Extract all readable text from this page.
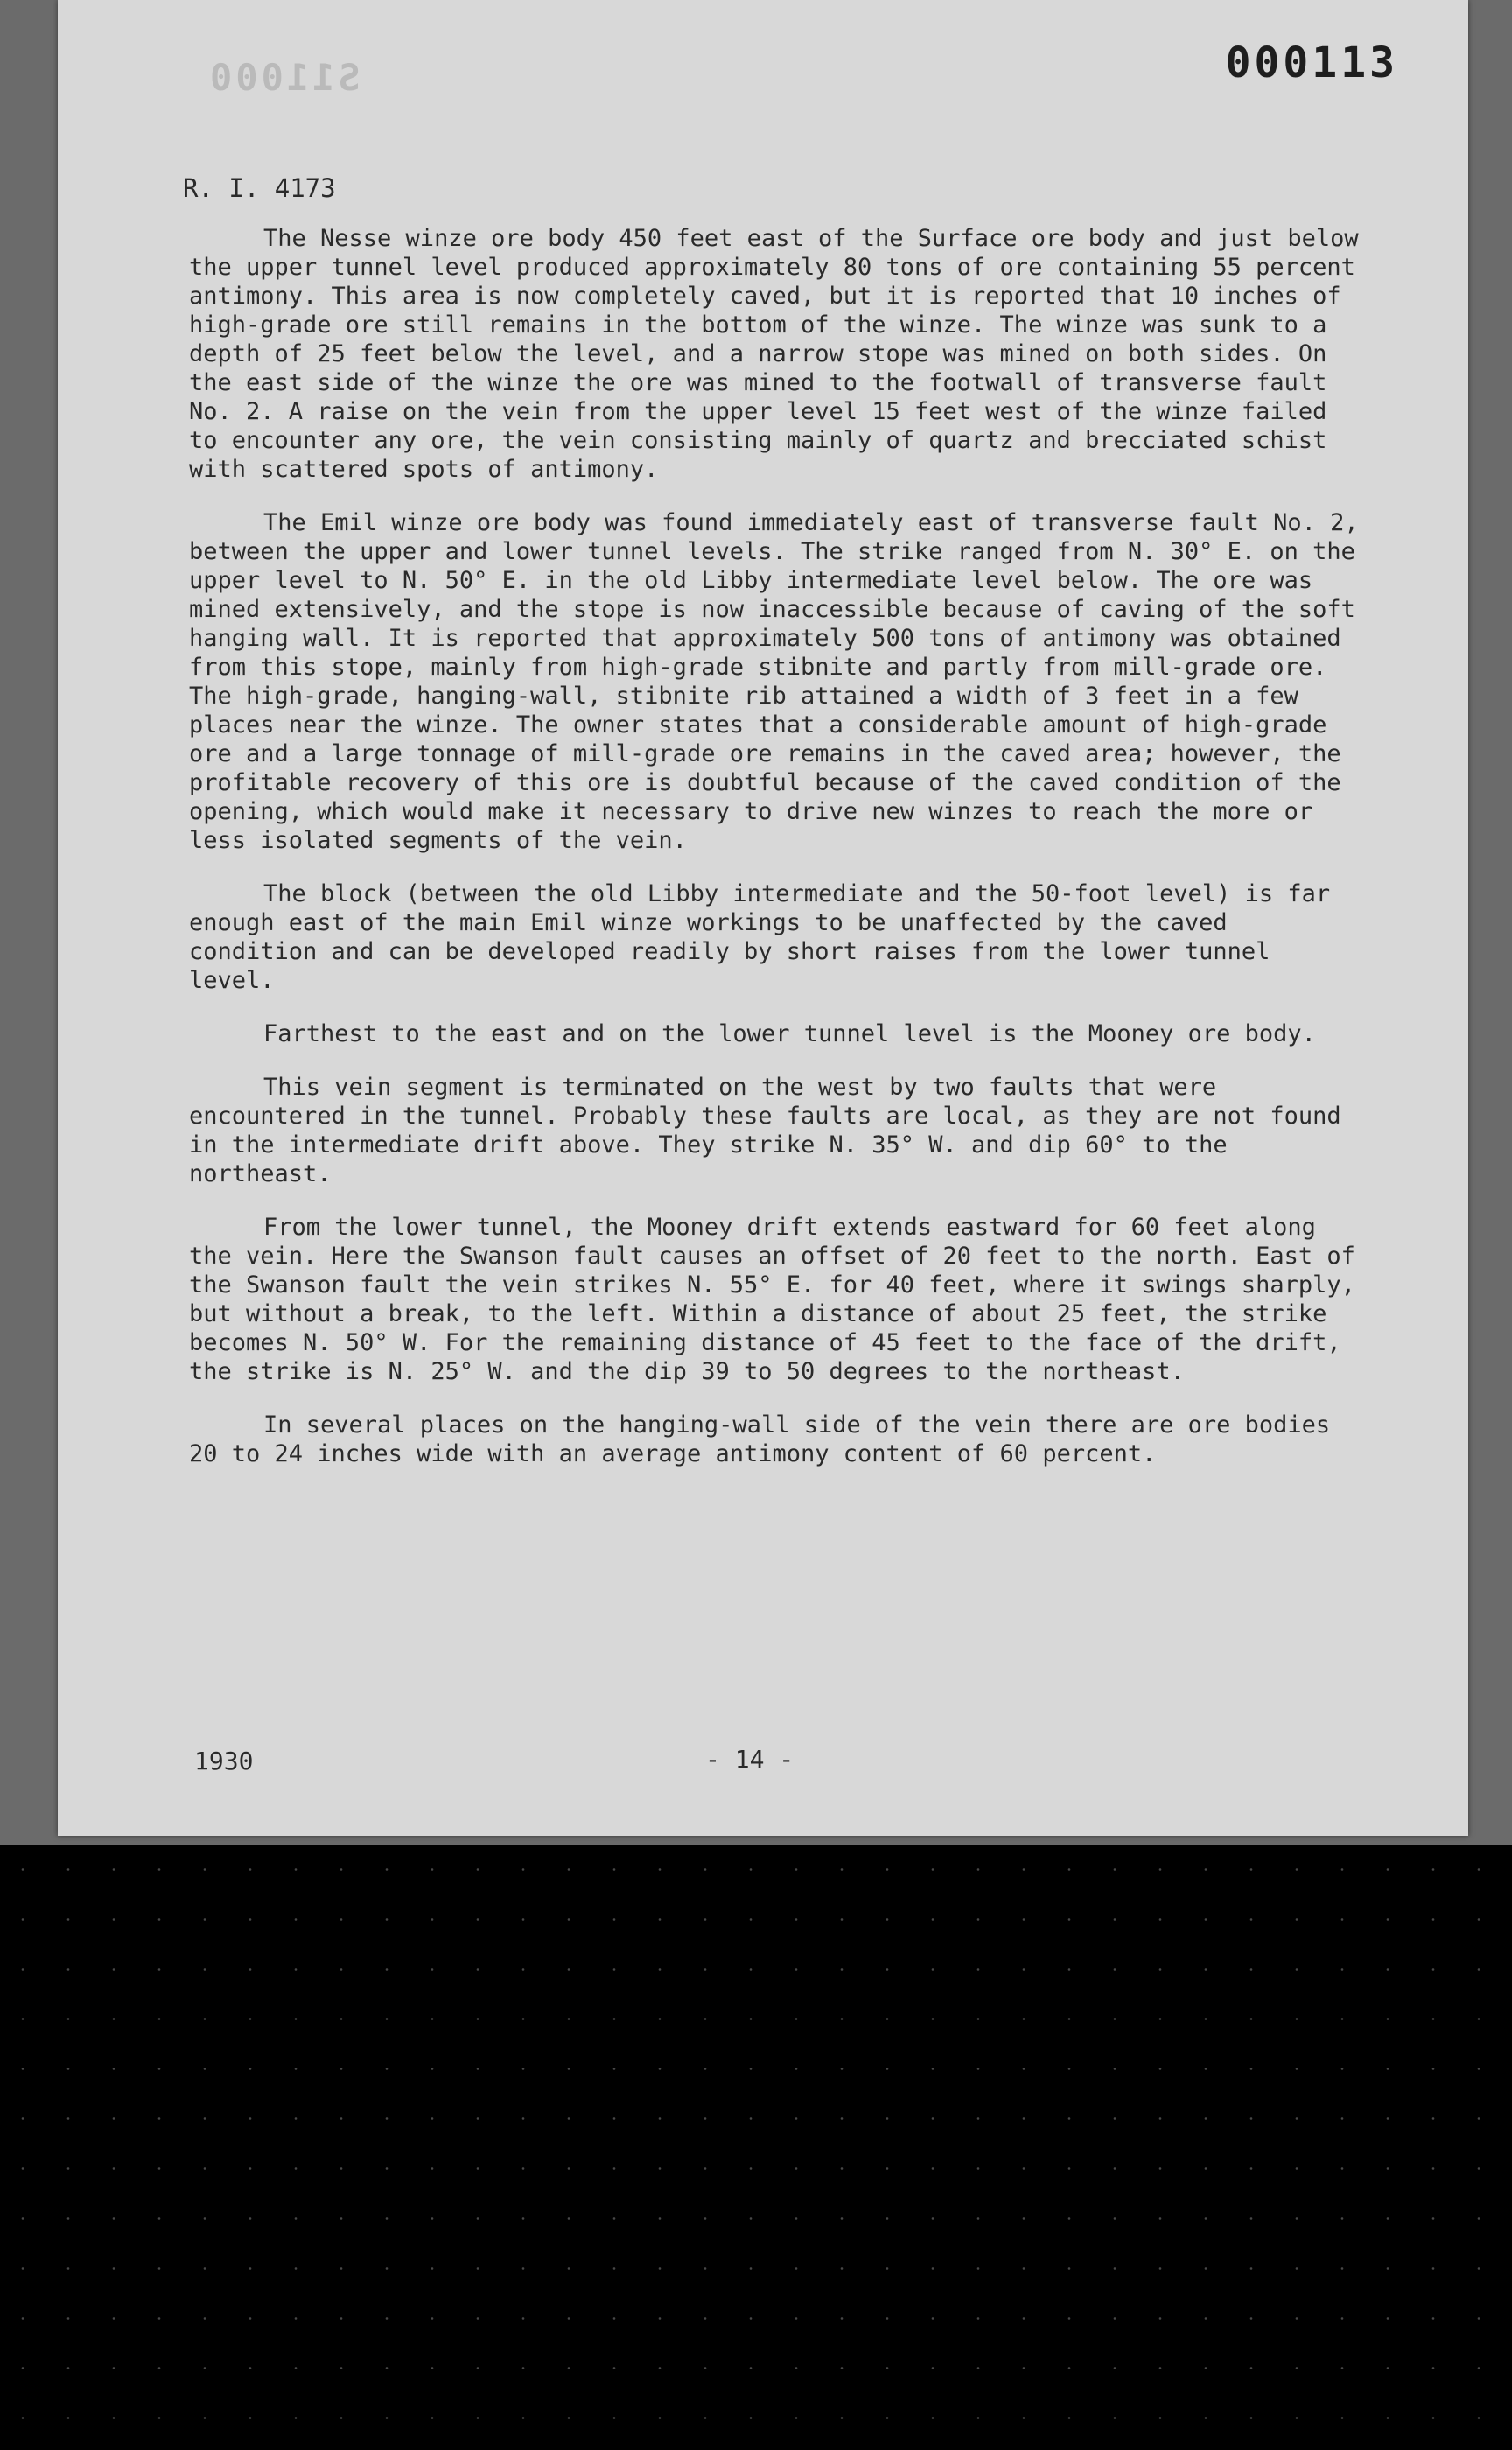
S11000	000113
R. I. 4173

The Nesse winze ore body 450 feet east of the Surface ore body and just below the upper tunnel level produced approximately 80 tons of ore containing 55 percent antimony. This area is now completely caved, but it is reported that 10 inches of high-grade ore still remains in the bottom of the winze. The winze was sunk to a depth of 25 feet below the level, and a narrow stope was mined on both sides. On the east side of the winze the ore was mined to the footwall of transverse fault No. 2. A raise on the vein from the upper level 15 feet west of the winze failed to encounter any ore, the vein consisting mainly of quartz and brecciated schist with scattered spots of antimony.

The Emil winze ore body was found immediately east of transverse fault No. 2, between the upper and lower tunnel levels. The strike ranged from N. 30° E. on the upper level to N. 50° E. in the old Libby intermediate level below. The ore was mined extensively, and the stope is now inaccessible because of caving of the soft hanging wall. It is reported that approximately 500 tons of antimony was obtained from this stope, mainly from high-grade stibnite and partly from mill-grade ore. The high-grade, hanging-wall, stibnite rib attained a width of 3 feet in a few places near the winze. The owner states that a considerable amount of high-grade ore and a large tonnage of mill-grade ore remains in the caved area; however, the profitable recovery of this ore is doubtful because of the caved condition of the opening, which would make it necessary to drive new winzes to reach the more or less isolated segments of the vein.

The block (between the old Libby intermediate and the 50-foot level) is far enough east of the main Emil winze workings to be unaffected by the caved condition and can be developed readily by short raises from the lower tunnel level.

Farthest to the east and on the lower tunnel level is the Mooney ore body.

This vein segment is terminated on the west by two faults that were encountered in the tunnel. Probably these faults are local, as they are not found in the intermediate drift above. They strike N. 35° W. and dip 60° to the northeast.

From the lower tunnel, the Mooney drift extends eastward for 60 feet along the vein. Here the Swanson fault causes an offset of 20 feet to the north. East of the Swanson fault the vein strikes N. 55° E. for 40 feet, where it swings sharply, but without a break, to the left. Within a distance of about 25 feet, the strike becomes N. 50° W. For the remaining distance of 45 feet to the face of the drift, the strike is N. 25° W. and the dip 39 to 50 degrees to the northeast.

In several places on the hanging-wall side of the vein there are ore bodies 20 to 24 inches wide with an average antimony content of 60 percent.

1930	- 14 -
